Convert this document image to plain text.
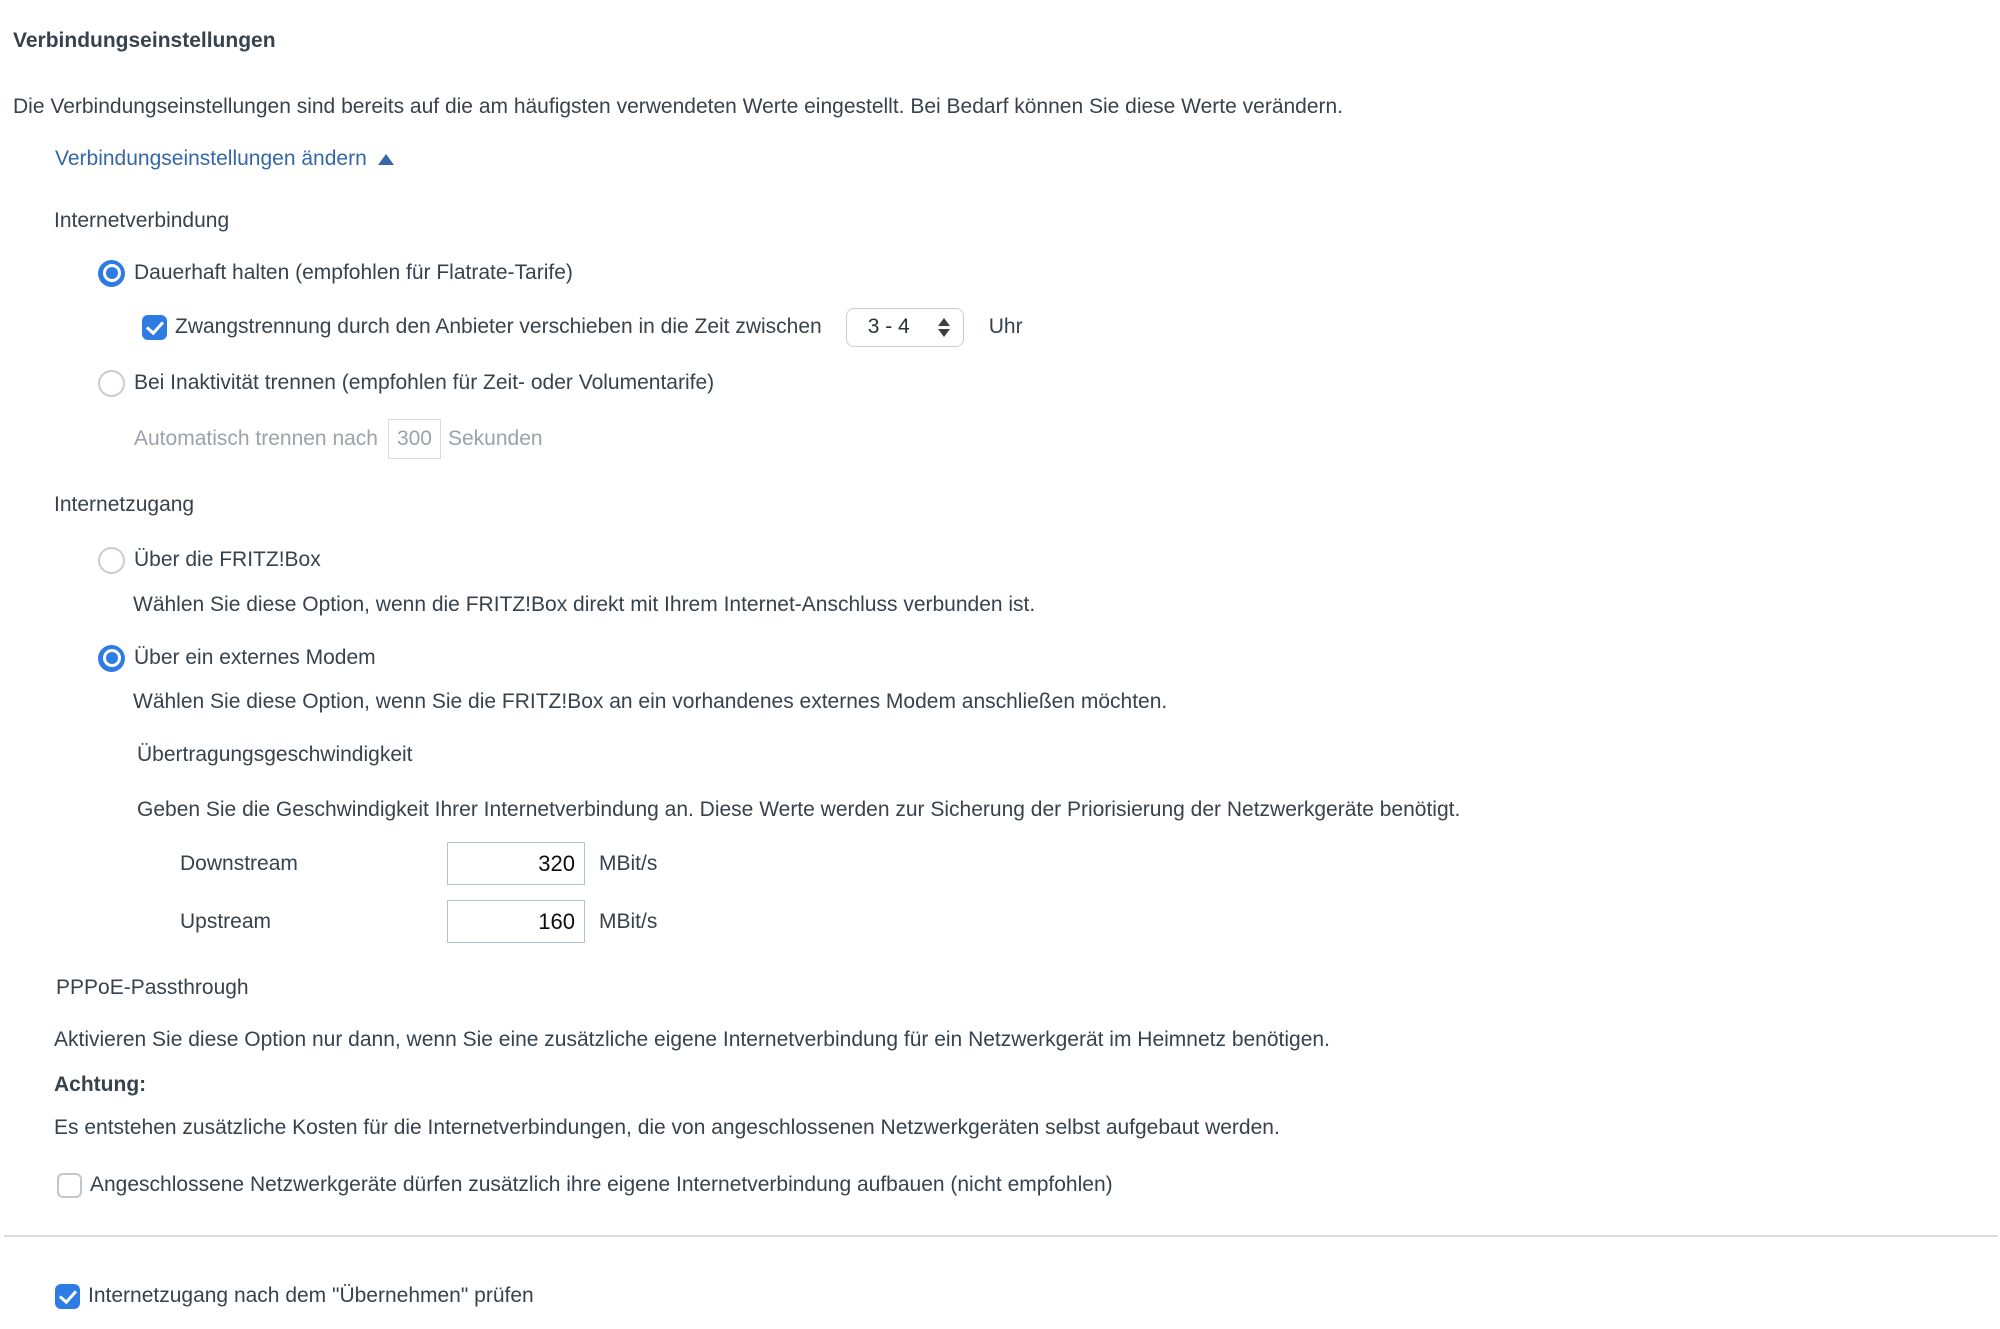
Verbindungseinstellungen
Die Verbindungseinstellungen sind bereits auf die am häufigsten verwendeten Werte eingestellt. Bei Bedarf können Sie diese Werte verändern.
Verbindungseinstellungen ändern
Internetverbindung
Dauerhaft halten (empfohlen für Flatrate-Tarife)
Zwangstrennung durch den Anbieter verschieben in die Zeit zwischen 3 - 4	Uhr
Bei Inaktivität trennen (empfohlen für Zeit- oder Volumentarife)
Automatisch trennen nach
300	Sekunden
Internetzugang
Über die FRITZ!Box
Wählen Sie diese Option, wenn die FRITZ!Box direkt mit Ihrem Internet-Anschluss verbunden ist.
Über ein externes Modem
Wählen Sie diese Option, wenn Sie die FRITZ!Box an ein vorhandenes externes Modem anschließen möchten.
Übertragungsgeschwindigkeit
Geben Sie die Geschwindigkeit Ihrer Internetverbindung an. Diese Werte werden zur Sicherung der Priorisierung der Netzwerkgeräte benötigt.
Downstream
320	MBit/s
Upstream
160	MBit/s
PPPoE-Passthrough
Aktivieren Sie diese Option nur dann, wenn Sie eine zusätzliche eigene Internetverbindung für ein Netzwerkgerät im Heimnetz benötigen.
Achtung:
Es entstehen zusätzliche Kosten für die Internetverbindungen, die von angeschlossenen Netzwerkgeräten selbst aufgebaut werden.
Angeschlossene Netzwerkgeräte dürfen zusätzlich ihre eigene Internetverbindung aufbauen (nicht empfohlen)
Internetzugang nach dem "Übernehmen" prüfen
